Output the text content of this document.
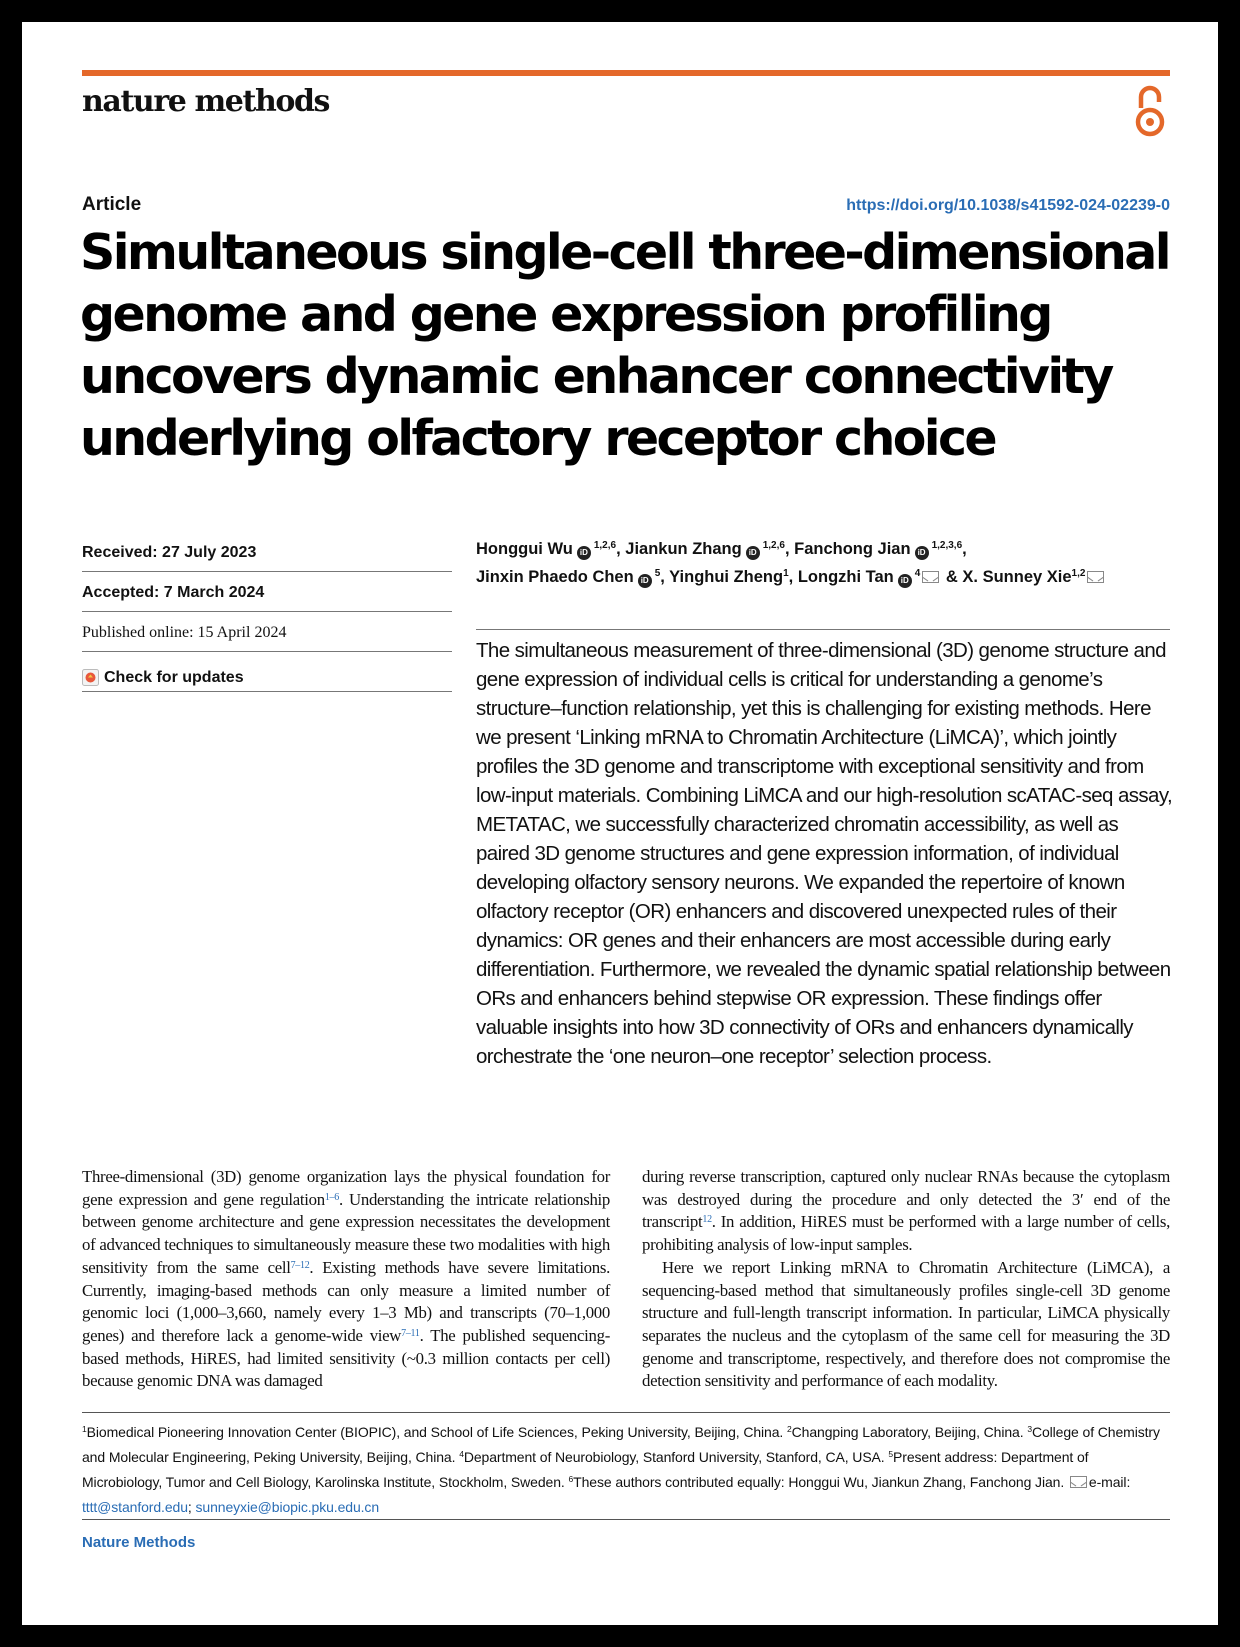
nature methods
Article	https://doi.org/10.1038/s41592-024-02239-0
Simultaneous single-cell three-dimensional genome and gene expression profiling uncovers dynamic enhancer connectivity underlying olfactory receptor choice
Received: 27 July 2023
Accepted: 7 March 2024
Published online: 15 April 2024
Check for updates
Honggui Wu iD$^{1,2,6}$, Jiankun Zhang iD$^{1,2,6}$, Fanchong Jian iD$^{1,2,3,6}$,
Jinxin Phaedo Chen $iD^5$, Yinghui Zheng$^1$, Longzhi Tan $iD^4$ & X. Sunney Xie$^{1,2}$

The simultaneous measurement of three-dimensional (3D) genome structure and gene expression of individual cells is critical for understanding a genome’s structure–function relationship, yet this is challenging for existing methods. Here we present ‘Linking mRNA to Chromatin Architecture (LiMCA)’, which jointly profiles the 3D genome and transcriptome with exceptional sensitivity and from low-input materials. Combining LiMCA and our high-resolution scATAC-seq assay, METATAC, we successfully characterized chromatin accessibility, as well as paired 3D genome structures and gene expression information, of individual developing olfactory sensory neurons. We expanded the repertoire of known olfactory receptor (OR) enhancers and discovered unexpected rules of their dynamics: OR genes and their enhancers are most accessible during early differentiation. Furthermore, we revealed the dynamic spatial relationship between ORs and enhancers behind stepwise OR expression. These findings offer valuable insights into how 3D connectivity of ORs and enhancers dynamically orchestrate the ‘one neuron–one receptor’ selection process.

Three-dimensional (3D) genome organization lays the physical foundation for gene expression and gene regulation$^{1-6}$. Understanding the intricate relationship between genome architecture and gene expression necessitates the development of advanced techniques to simultaneously measure these two modalities with high sensitivity from the same cell$^{7-12}$. Existing methods have severe limitations. Currently, imaging-based methods can only measure a limited number of genomic loci (1,000–3,660, namely every 1–3 Mb) and transcripts (70–1,000 genes) and therefore lack a genome-wide view$^{7-11}$. The published sequencing-based methods, HiRES, had limited sensitivity (~0.3 million contacts per cell) because genomic DNA was damaged

during reverse transcription, captured only nuclear RNAs because the cytoplasm was destroyed during the procedure and only detected the 3′ end of the transcript$^{12}$. In addition, HiRES must be performed with a large number of cells, prohibiting analysis of low-input samples.

Here we report Linking mRNA to Chromatin Architecture (LiMCA), a sequencing-based method that simultaneously profiles single-cell 3D genome structure and full-length transcript information. In particular, LiMCA physically separates the nucleus and the cytoplasm of the same cell for measuring the 3D genome and transcriptome, respectively, and therefore does not compromise the detection sensitivity and performance of each modality.

$^1$Biomedical Pioneering Innovation Center (BIOPIC), and School of Life Sciences, Peking University, Beijing, China. $^2$Changping Laboratory, Beijing, China. $^3$College of Chemistry and Molecular Engineering, Peking University, Beijing, China. $^4$Department of Neurobiology, Stanford University, Stanford, CA, USA. $^5$Present address: Department of Microbiology, Tumor and Cell Biology, Karolinska Institute, Stockholm, Sweden. $^6$These authors contributed equally: Honggui Wu, Jiankun Zhang, Fanchong Jian. e-mail: tttt@stanford.edu; sunneyxie@biopic.pku.edu.cn

Nature Methods
